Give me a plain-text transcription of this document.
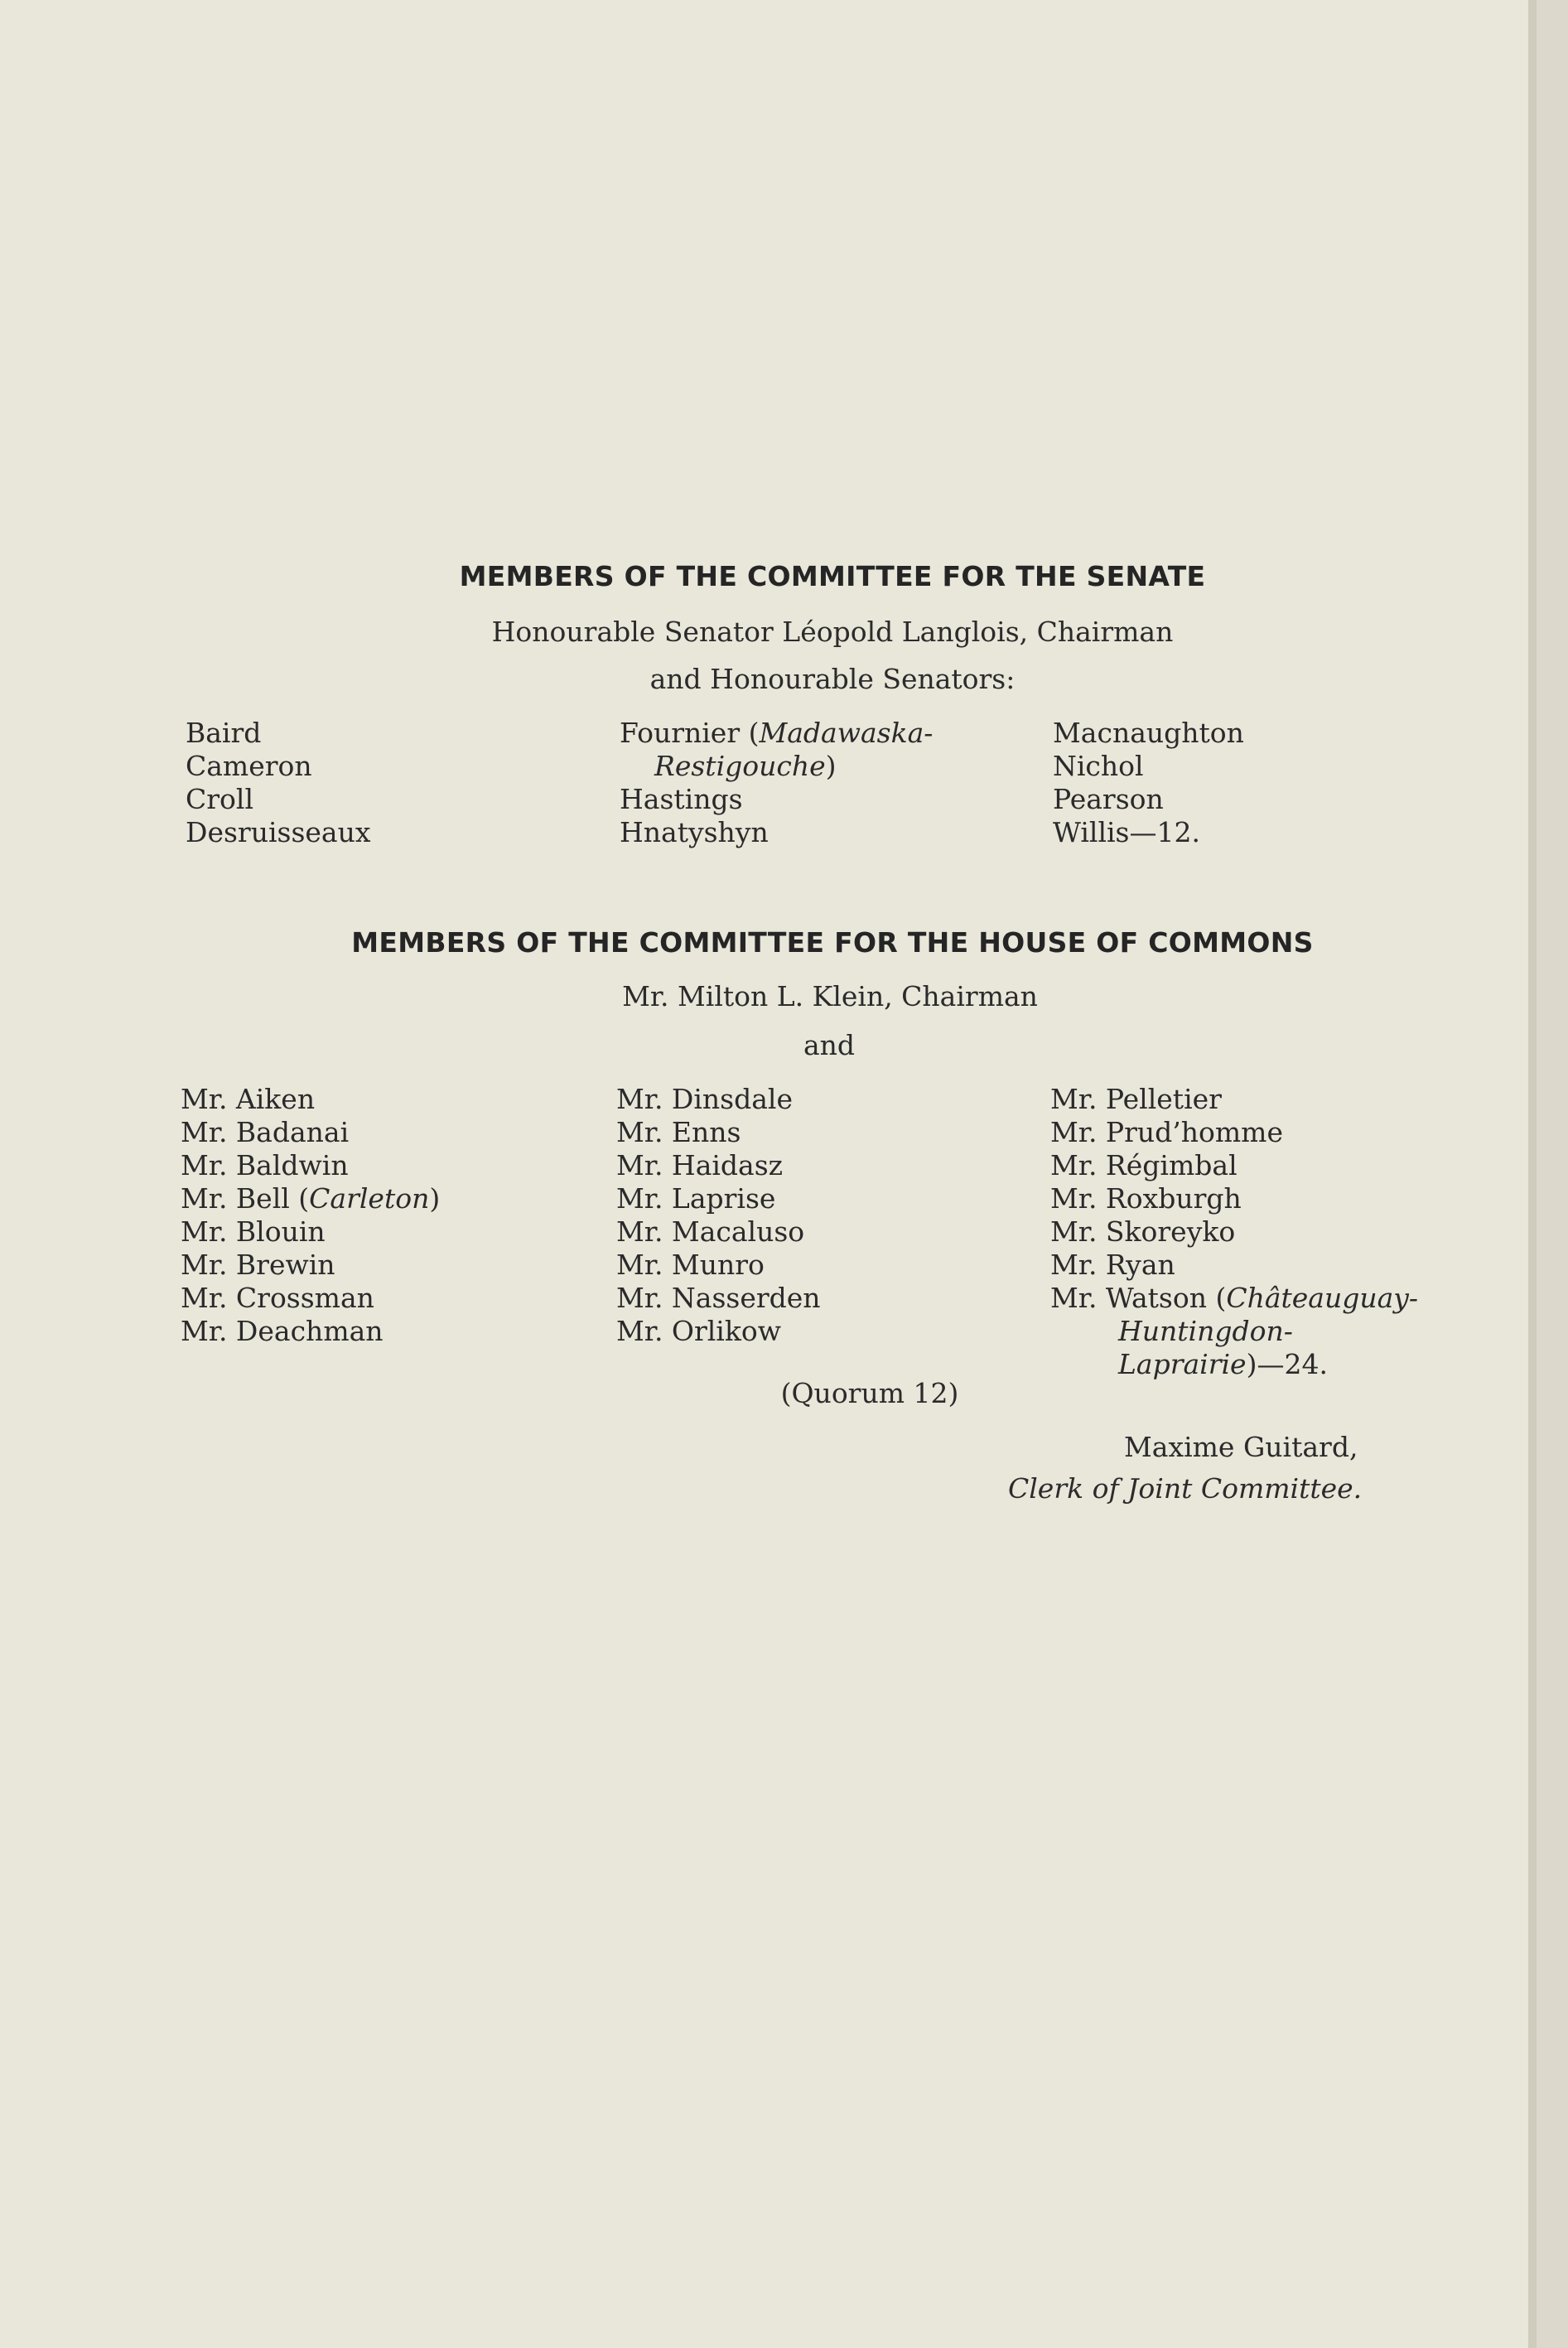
MEMBERS OF THE COMMITTEE FOR THE SENATE
Honourable Senator Léopold Langlois, Chairman
and Honourable Senators:
Baird
Cameron
Croll
Desruisseaux
Fournier (Madawaska-
Restigouche)
Hastings
Hnatyshyn
Macnaughton
Nichol
Pearson
Willis—12.
MEMBERS OF THE COMMITTEE FOR THE HOUSE OF COMMONS
Mr. Milton L. Klein, Chairman
and
Mr. Aiken
Mr. Badanai
Mr. Baldwin
Mr. Bell (Carleton)
Mr. Blouin
Mr. Brewin
Mr. Crossman
Mr. Deachman
Mr. Dinsdale
Mr. Enns
Mr. Haidasz
Mr. Laprise
Mr. Macaluso
Mr. Munro
Mr. Nasserden
Mr. Orlikow
Mr. Pelletier
Mr. Prud’homme
Mr. Régimbal
Mr. Roxburgh
Mr. Skoreyko
Mr. Ryan
Mr. Watson (Châteauguay-
Huntingdon-
Laprairie)—24.
(Quorum 12)
Maxime Guitard,
Clerk of Joint Committee.
